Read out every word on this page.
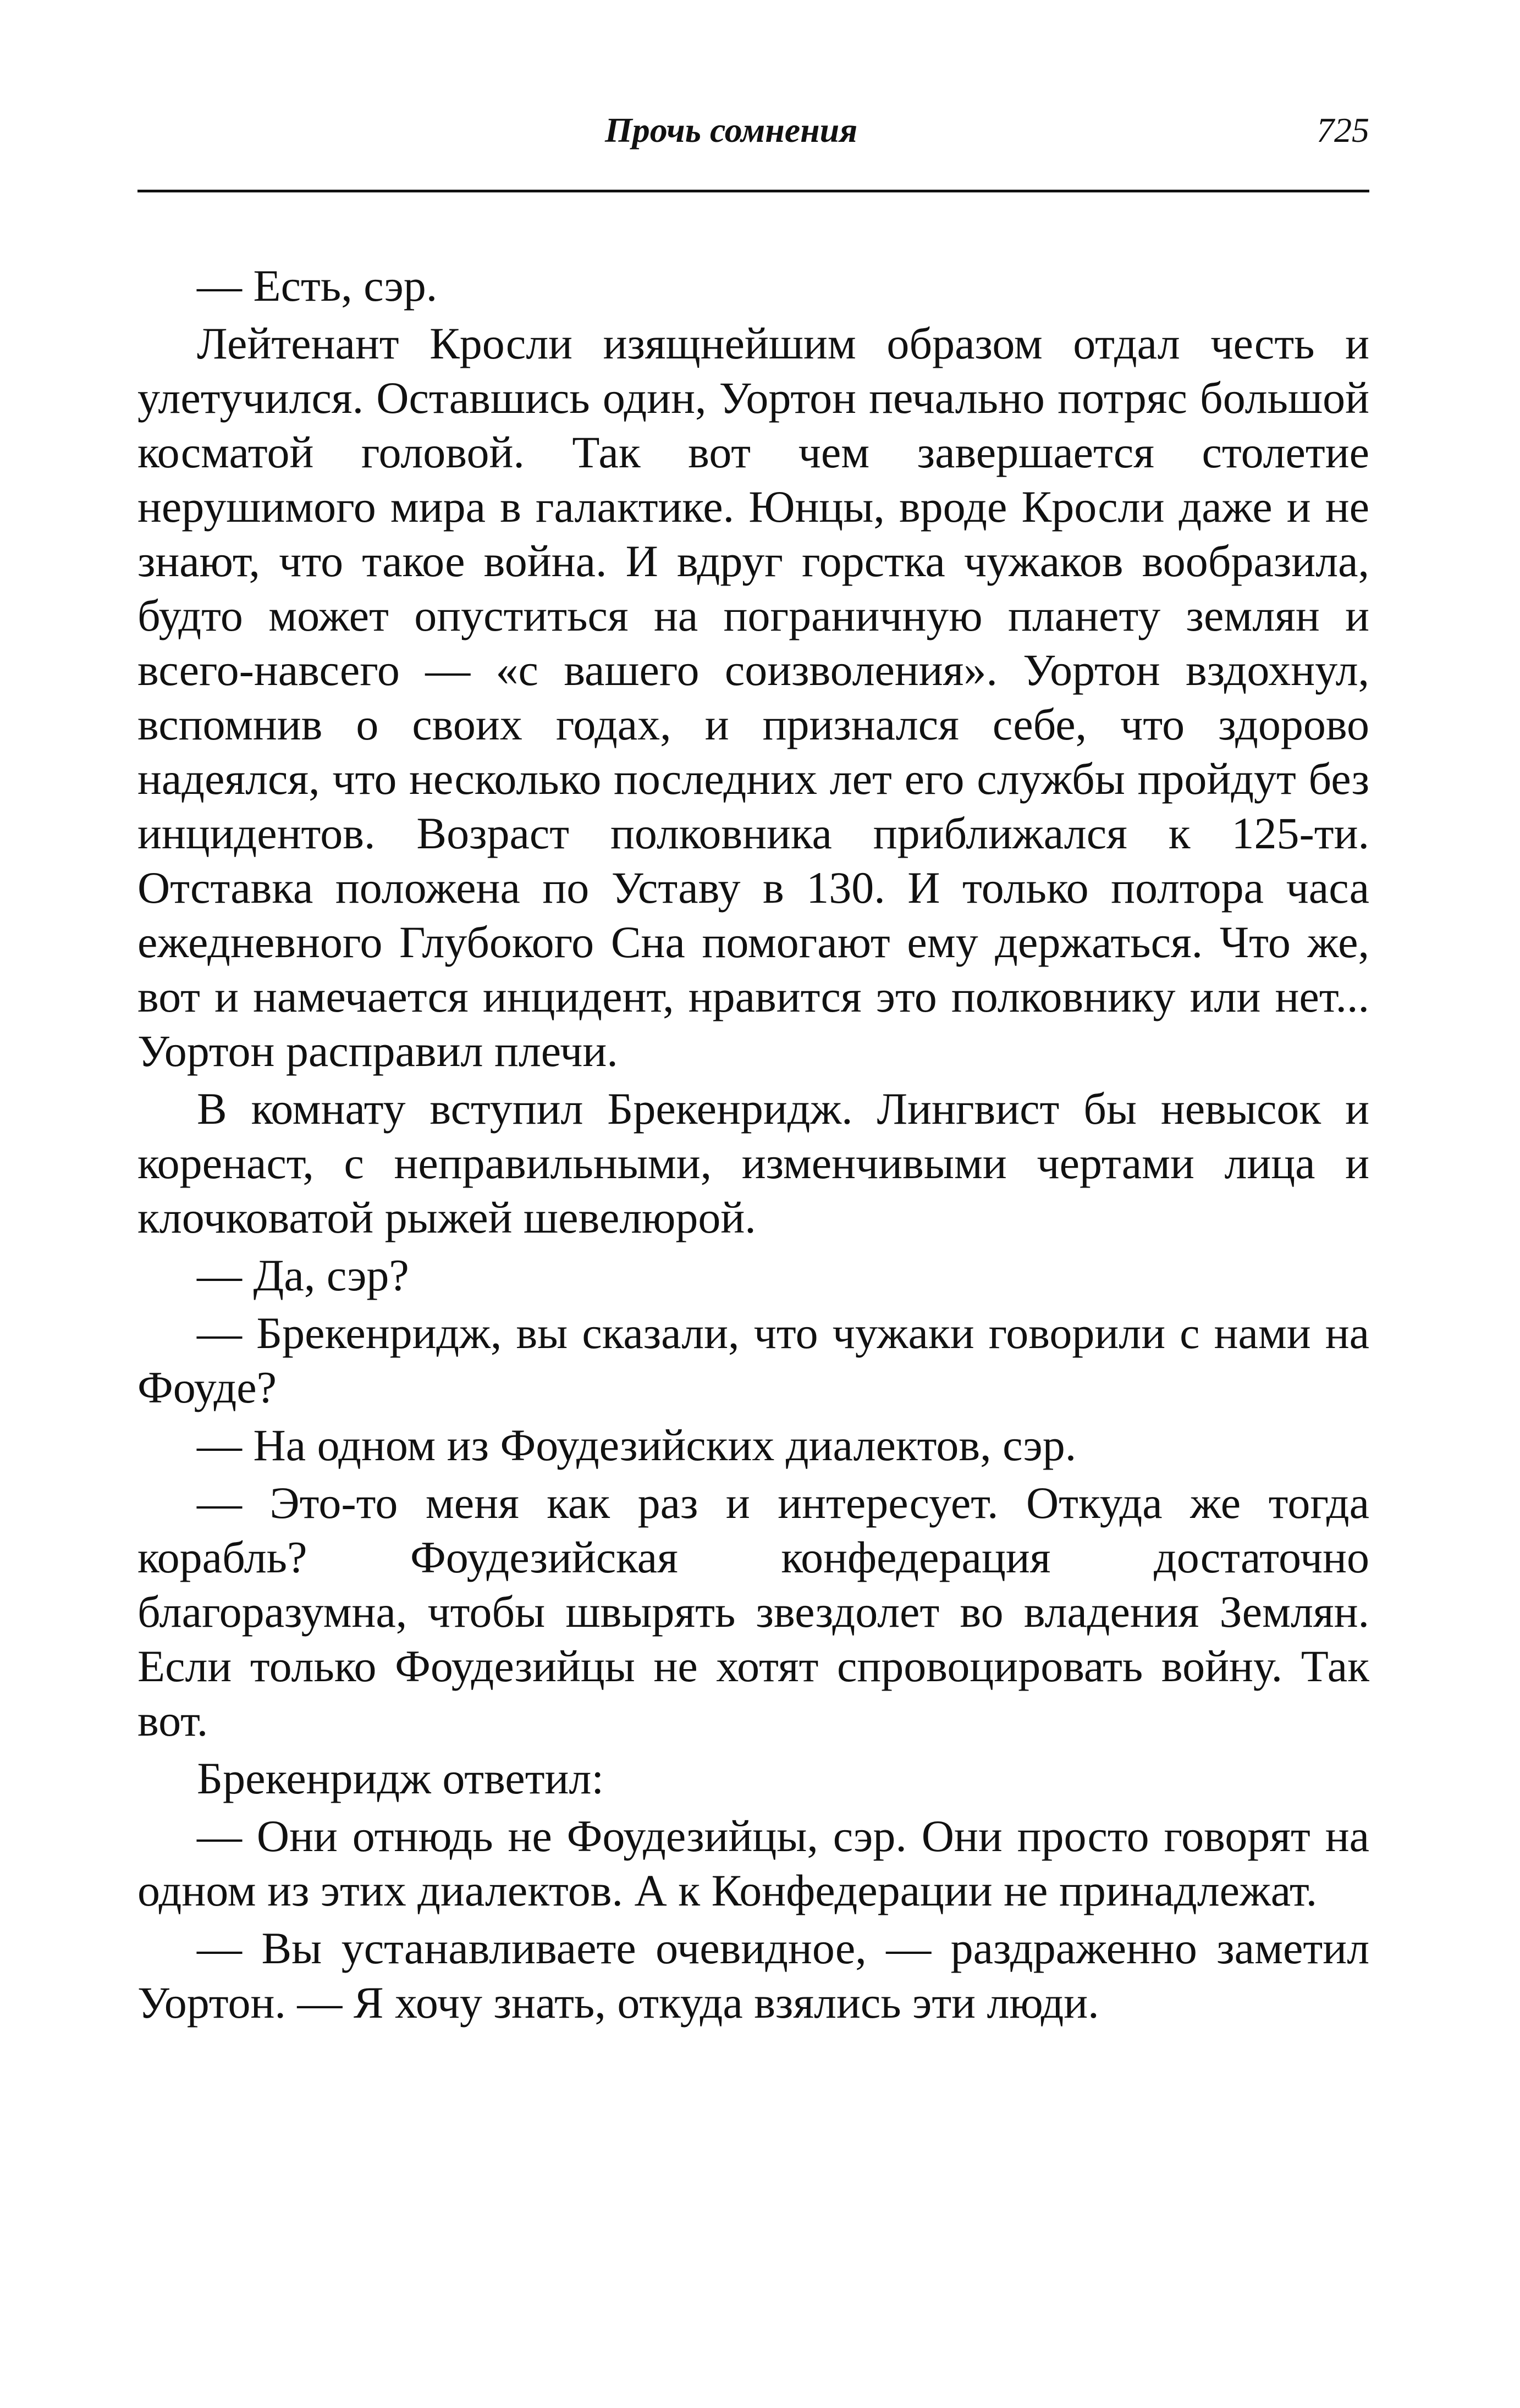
Прочь сомнения	725

— Есть, сэр.

Лейтенант Кросли изящнейшим образом отдал честь и улетучился. Оставшись один, Уортон печально потряс большой косматой головой. Так вот чем завершается столетие нерушимого мира в галактике. Юнцы, вроде Кросли даже и не знают, что такое война. И вдруг горстка чужаков вообразила, будто может опуститься на пограничную планету землян и всего-навсего — «с вашего соизволения». Уортон вздохнул, вспомнив о своих годах, и признался себе, что здорово надеялся, что несколько последних лет его службы пройдут без инцидентов. Возраст полковника приближался к 125-ти. Отставка положена по Уставу в 130. И только полтора часа ежедневного Глубокого Сна помогают ему держаться. Что же, вот и намечается инцидент, нравится это полковнику или нет... Уортон расправил плечи.

В комнату вступил Брекенридж. Лингвист бы невысок и коренаст, с неправильными, изменчивыми чертами лица и клочковатой рыжей шевелюрой.

— Да, сэр?

— Брекенридж, вы сказали, что чужаки говорили с нами на Фоуде?

— На одном из Фоудезийских диалектов, сэр.

— Это-то меня как раз и интересует. Откуда же тогда корабль? Фоудезийская конфедерация достаточно благоразумна, чтобы швырять звездолет во владения Землян. Если только Фоудезийцы не хотят спровоцировать войну. Так вот.

Брекенридж ответил:

— Они отнюдь не Фоудезийцы, сэр. Они просто говорят на одном из этих диалектов. А к Конфедерации не принадлежат.

— Вы устанавливаете очевидное, — раздраженно заметил Уортон. — Я хочу знать, откуда взялись эти люди.
